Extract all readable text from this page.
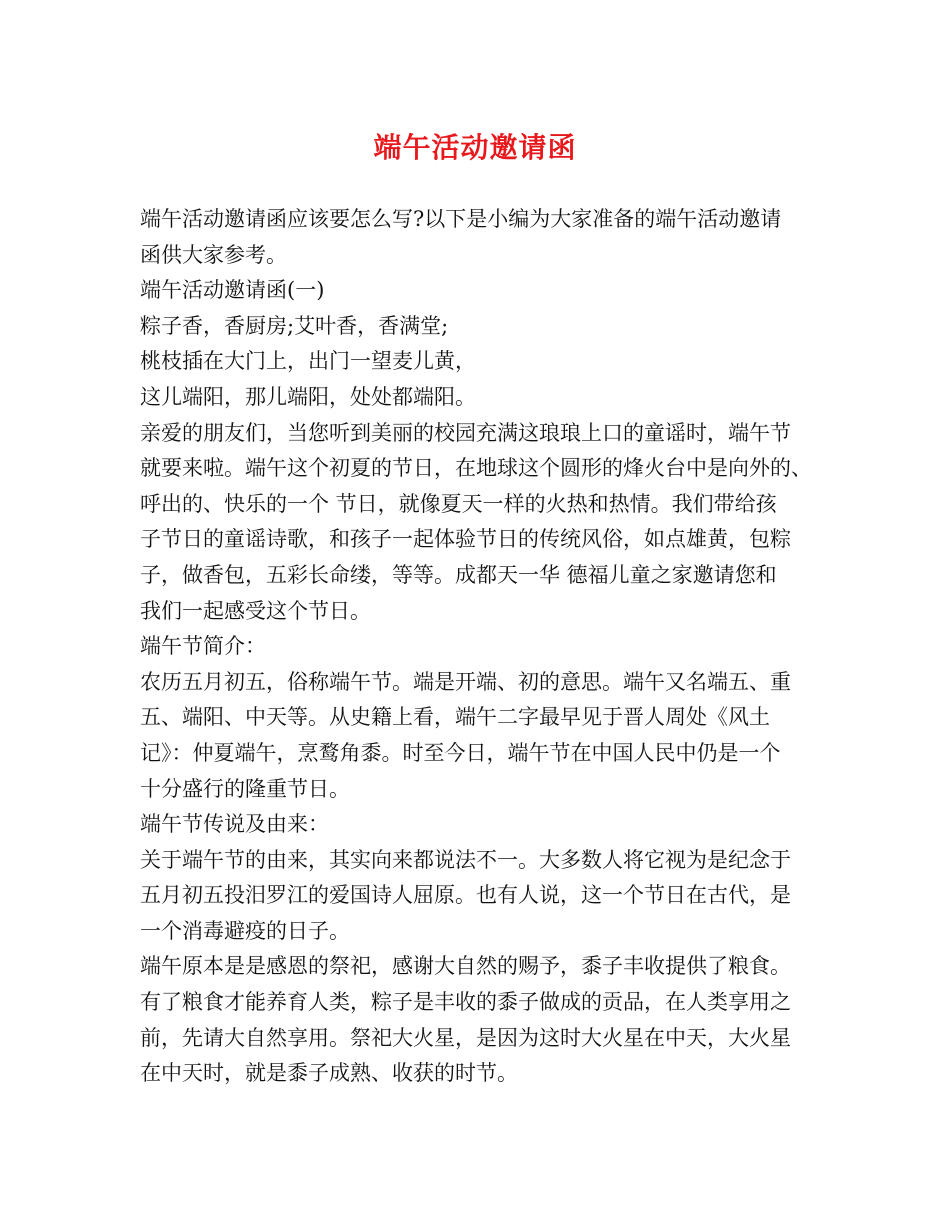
端午活动邀请函

端午活动邀请函应该要怎么写?以下是小编为大家准备的端午活动邀请

函供大家参考。

端午活动邀请函(一)

粽子香，香厨房;艾叶香，香满堂;

桃枝插在大门上，出门一望麦儿黄，

这儿端阳，那儿端阳，处处都端阳。

亲爱的朋友们，当您听到美丽的校园充满这琅琅上口的童谣时，端午节

就要来啦。端午这个初夏的节日，在地球这个圆形的烽火台中是向外的、

呼出的、快乐的一个 节日，就像夏天一样的火热和热情。我们带给孩

子节日的童谣诗歌，和孩子一起体验节日的传统风俗，如点雄黄，包粽

子，做香包，五彩长命缕，等等。成都天一华 德福儿童之家邀请您和

我们一起感受这个节日。

端午节简介：

农历五月初五，俗称端午节。端是开端、初的意思。端午又名端五、重

五、端阳、中天等。从史籍上看，端午二字最早见于晋人周处《风土

记》：仲夏端午，烹鹜角黍。时至今日，端午节在中国人民中仍是一个

十分盛行的隆重节日。

端午节传说及由来：

关于端午节的由来，其实向来都说法不一。大多数人将它视为是纪念于

五月初五投汨罗江的爱国诗人屈原。也有人说，这一个节日在古代，是

一个消毒避疫的日子。

端午原本是是感恩的祭祀，感谢大自然的赐予，黍子丰收提供了粮食。

有了粮食才能养育人类，粽子是丰收的黍子做成的贡品，在人类享用之

前，先请大自然享用。祭祀大火星，是因为这时大火星在中天，大火星

在中天时，就是黍子成熟、收获的时节。
